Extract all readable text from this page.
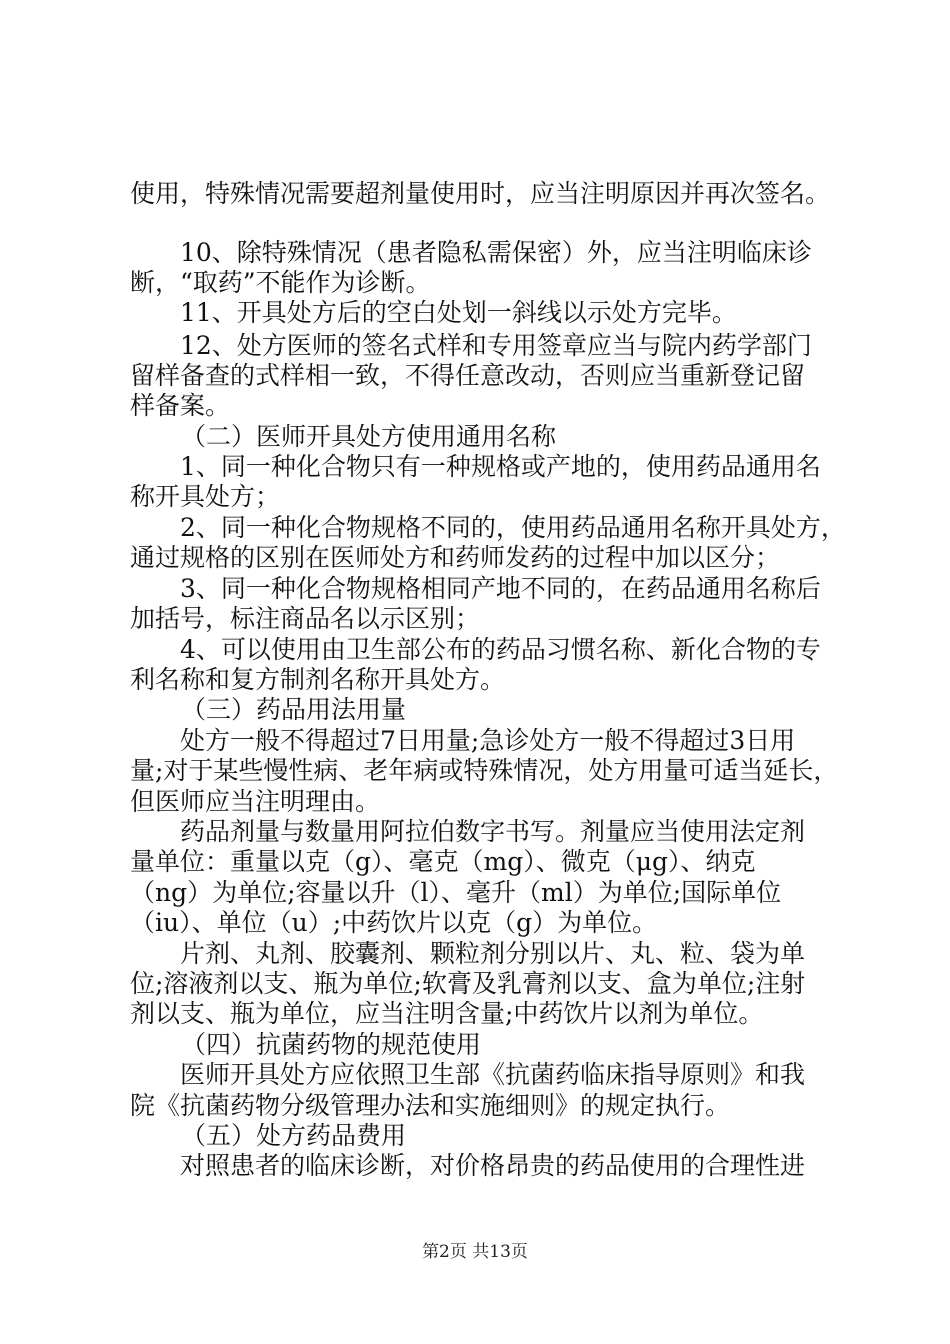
使用，特殊情况需要超剂量使用时，应当注明原因并再次签名。
10、除特殊情况（患者隐私需保密）外，应当注明临床诊
断，“取药”不能作为诊断。
11、开具处方后的空白处划一斜线以示处方完毕。
12、处方医师的签名式样和专用签章应当与院内药学部门
留样备查的式样相一致，不得任意改动，否则应当重新登记留
样备案。
（二）医师开具处方使用通用名称
1、同一种化合物只有一种规格或产地的，使用药品通用名
称开具处方；
2、同一种化合物规格不同的，使用药品通用名称开具处方，
通过规格的区别在医师处方和药师发药的过程中加以区分；
3、同一种化合物规格相同产地不同的，在药品通用名称后
加括号，标注商品名以示区别；
4、可以使用由卫生部公布的药品习惯名称、新化合物的专
利名称和复方制剂名称开具处方。
（三）药品用法用量
处方一般不得超过7日用量;急诊处方一般不得超过3日用
量;对于某些慢性病、老年病或特殊情况，处方用量可适当延长，
但医师应当注明理由。
药品剂量与数量用阿拉伯数字书写。剂量应当使用法定剂
量单位：重量以克（g）、毫克（mg）、微克（μg）、纳克
（ng）为单位;容量以升（l）、毫升（ml）为单位;国际单位
（iu）、单位（u）;中药饮片以克（g）为单位。
片剂、丸剂、胶囊剂、颗粒剂分别以片、丸、粒、袋为单
位;溶液剂以支、瓶为单位;软膏及乳膏剂以支、盒为单位;注射
剂以支、瓶为单位，应当注明含量;中药饮片以剂为单位。
（四）抗菌药物的规范使用
医师开具处方应依照卫生部《抗菌药临床指导原则》和我
院《抗菌药物分级管理办法和实施细则》的规定执行。
（五）处方药品费用
对照患者的临床诊断，对价格昂贵的药品使用的合理性进
第2页 共13页
